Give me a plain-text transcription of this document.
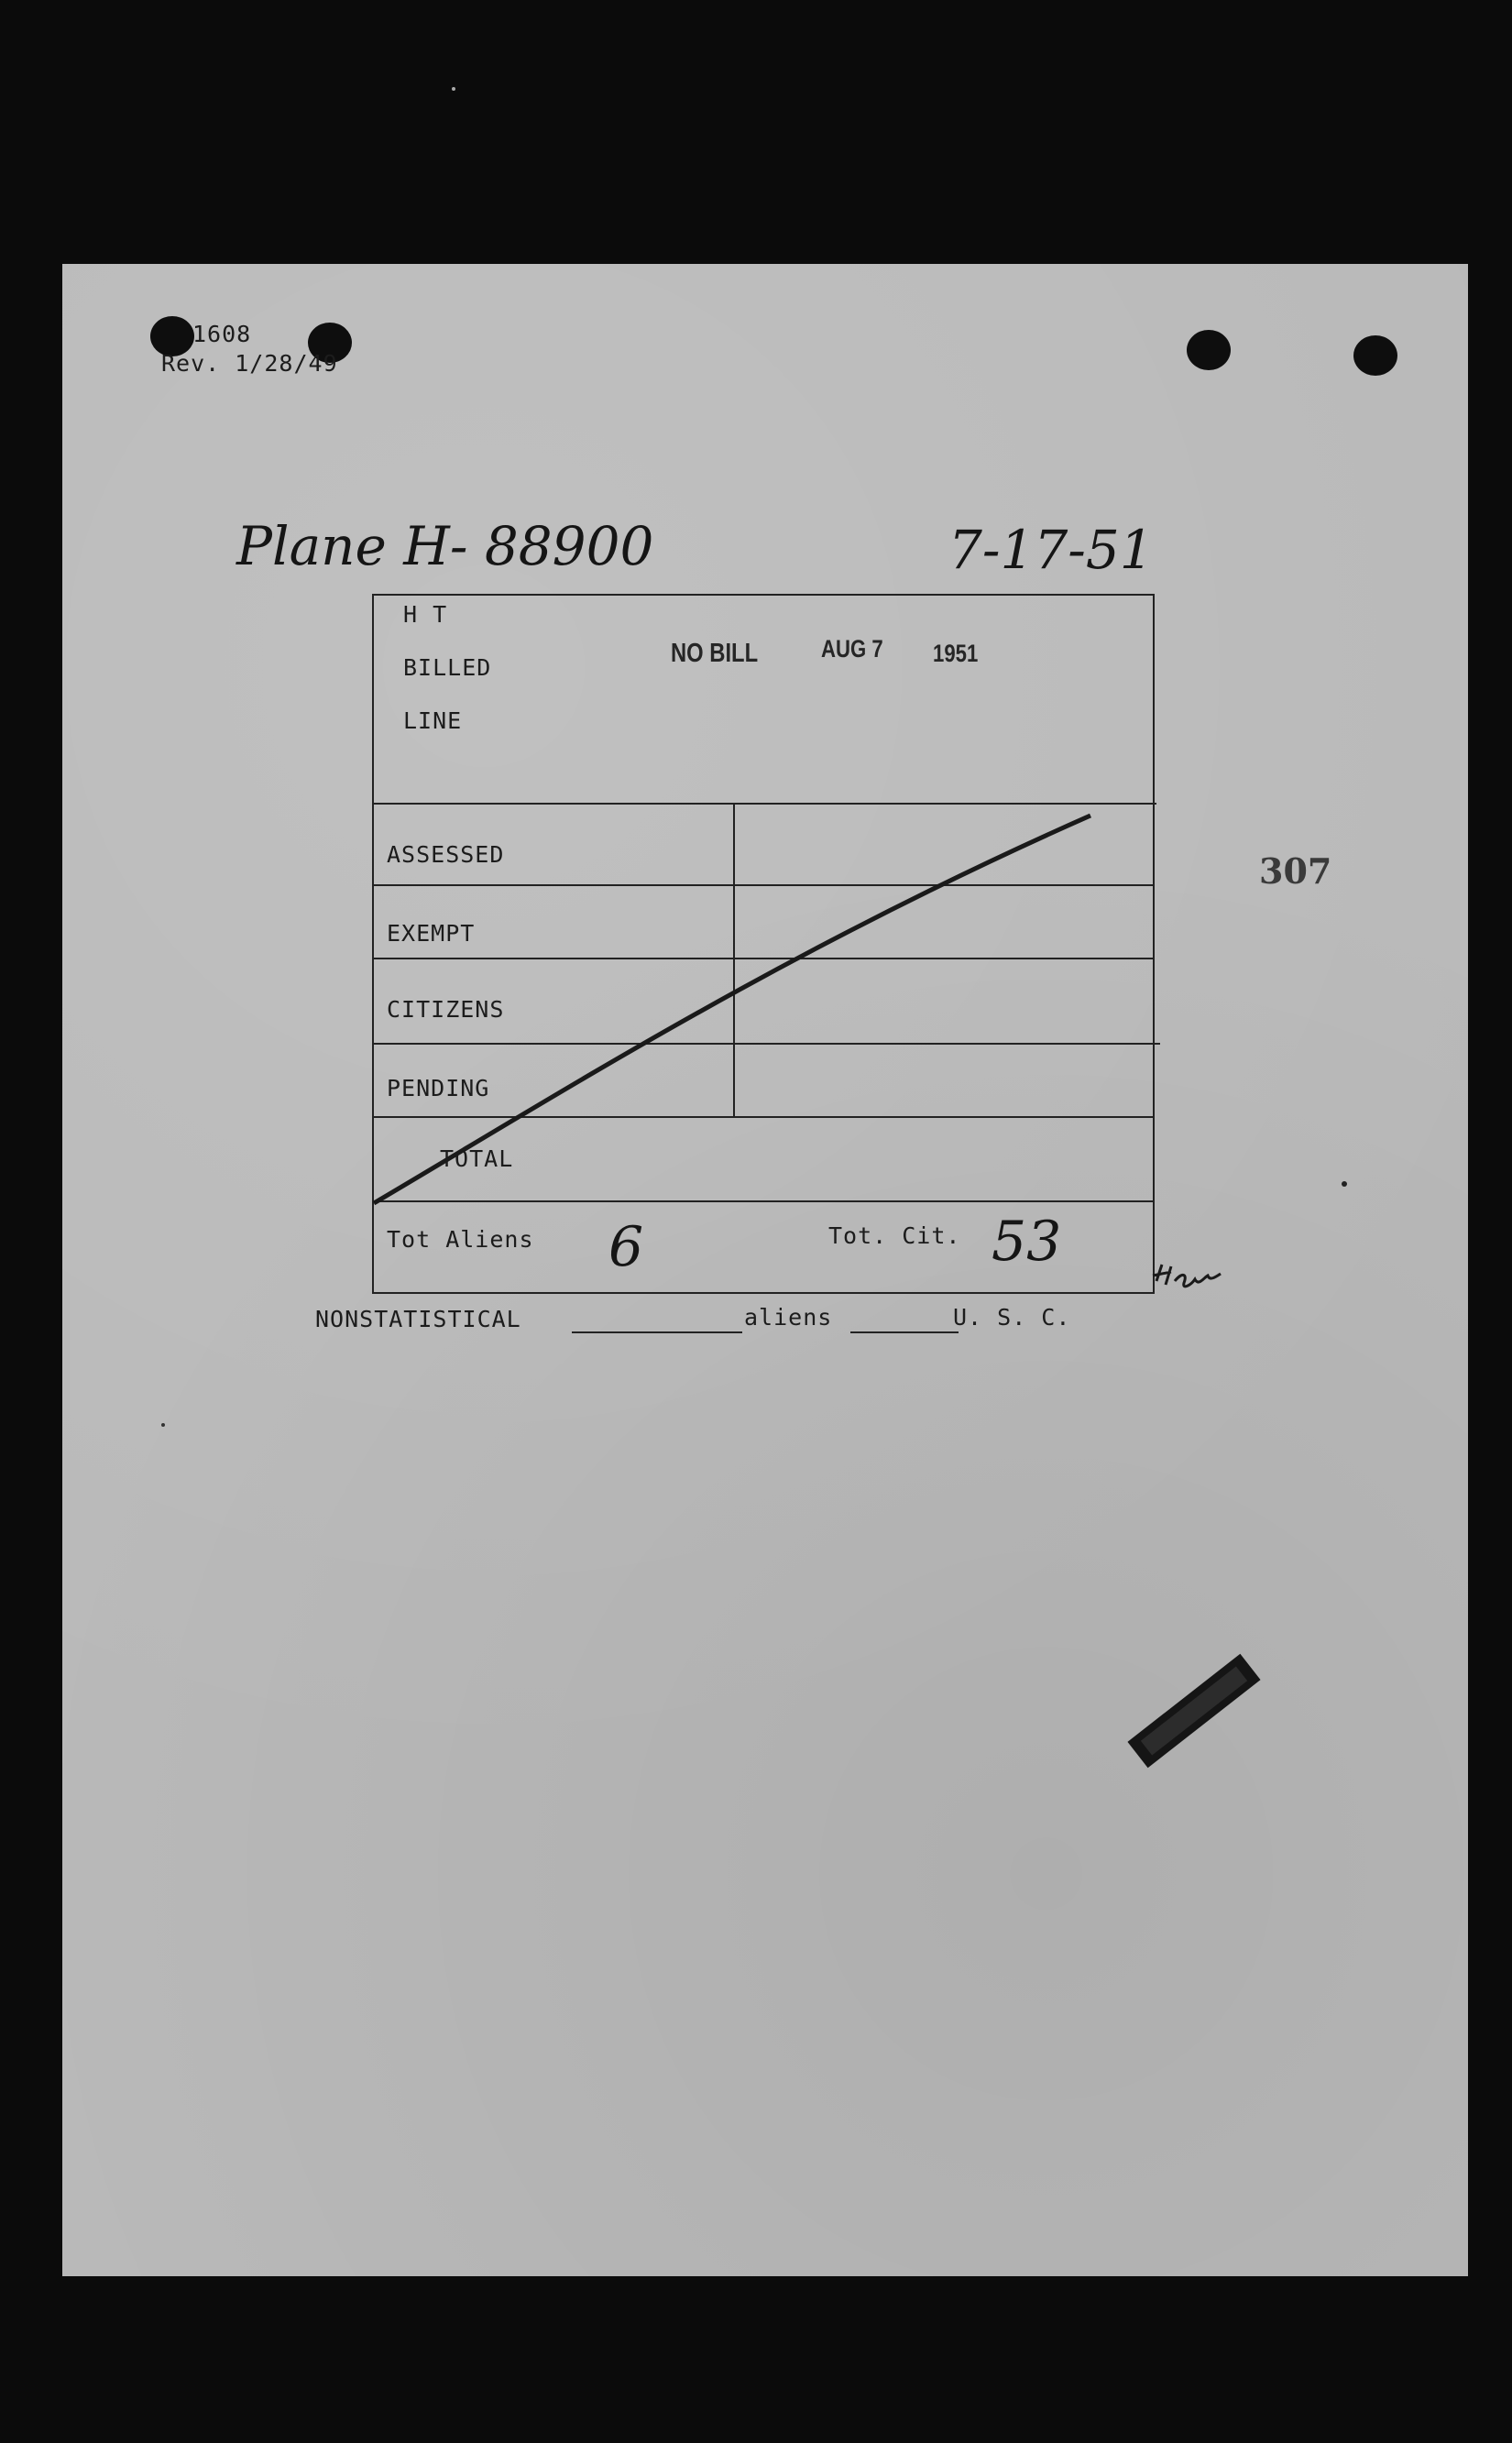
1608
Rev. 1/28/49
Plane H- 88900	7-17-51
H T
BILLED
LINE
NO BILL	AUG 7 1951
ASSESSED
EXEMPT
CITIZENS
PENDING
TOTAL
Tot Aliens 6	Tot. Cit. 53
307
NONSTATISTICAL	aliens	U. S. C.
